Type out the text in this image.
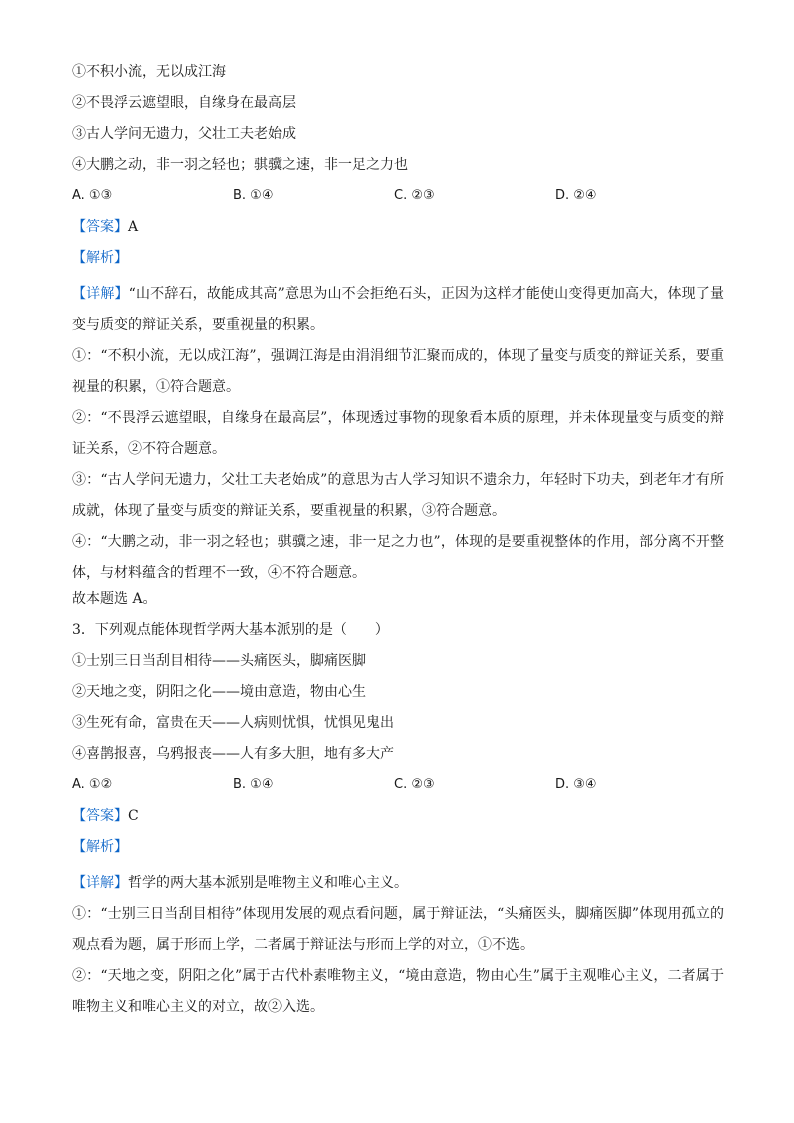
①不积小流，无以成江海
②不畏浮云遮望眼，自缘身在最高层
③古人学问无遗力，父壮工夫老始成
④大鹏之动，非一羽之轻也；骐骥之速，非一足之力也
A. ①③	B. ①④	C. ②③	D. ②④
【答案】A
【解析】
【详解】“山不辞石，故能成其高”意思为山不会拒绝石头，正因为这样才能使山变得更加高大，体现了量变与质变的辩证关系，要重视量的积累。
①：“不积小流，无以成江海”，强调江海是由涓涓细节汇聚而成的，体现了量变与质变的辩证关系，要重视量的积累，①符合题意。
②：“不畏浮云遮望眼，自缘身在最高层”，体现透过事物的现象看本质的原理，并未体现量变与质变的辩证关系，②不符合题意。
③：“古人学问无遗力，父壮工夫老始成”的意思为古人学习知识不遗余力，年轻时下功夫，到老年才有所成就，体现了量变与质变的辩证关系，要重视量的积累，③符合题意。
④：“大鹏之动，非一羽之轻也；骐骥之速，非一足之力也”，体现的是要重视整体的作用，部分离不开整体，与材料蕴含的哲理不一致，④不符合题意。
故本题选 A。
3．下列观点能体现哲学两大基本派别的是（　　）
①士别三日当刮目相待——头痛医头，脚痛医脚
②天地之变，阴阳之化——境由意造，物由心生
③生死有命，富贵在天——人病则忧惧，忧惧见鬼出
④喜鹊报喜，乌鸦报丧——人有多大胆，地有多大产
A. ①②	B. ①④	C. ②③	D. ③④
【答案】C
【解析】
【详解】哲学的两大基本派别是唯物主义和唯心主义。
①：“士别三日当刮目相待”体现用发展的观点看问题，属于辩证法，“头痛医头，脚痛医脚”体现用孤立的观点看为题，属于形而上学，二者属于辩证法与形而上学的对立，①不选。
②：“天地之变，阴阳之化”属于古代朴素唯物主义，“境由意造，物由心生”属于主观唯心主义，二者属于唯物主义和唯心主义的对立，故②入选。
